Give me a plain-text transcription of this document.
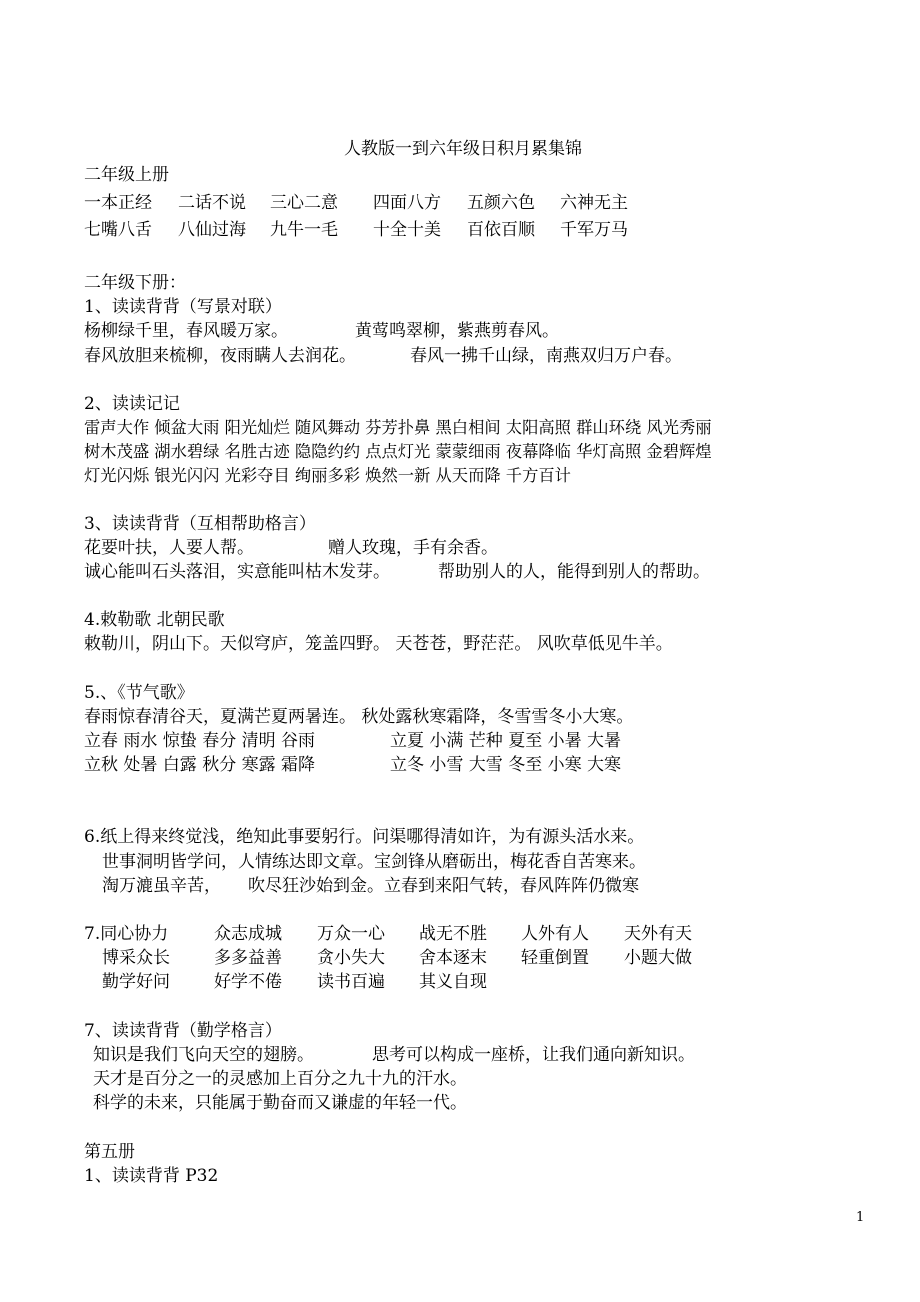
人教版一到六年级日积月累集锦
二年级上册
一本正经 二话不说 三心二意 四面八方 五颜六色 六神无主
七嘴八舌 八仙过海 九牛一毛 十全十美 百依百顺 千军万马
二年级下册：
1、读读背背（写景对联）
杨柳绿千里，春风暖万家。	黄莺鸣翠柳，紫燕剪春风。
春风放胆来梳柳，夜雨瞒人去润花。	春风一拂千山绿，南燕双归万户春。
2、读读记记
雷声大作 倾盆大雨 阳光灿烂 随风舞动 芬芳扑鼻 黑白相间 太阳高照 群山环绕 风光秀丽
树木茂盛 湖水碧绿 名胜古迹 隐隐约约 点点灯光 蒙蒙细雨 夜幕降临 华灯高照 金碧辉煌
灯光闪烁 银光闪闪 光彩夺目 绚丽多彩 焕然一新 从天而降 千方百计
3、读读背背（互相帮助格言）
花要叶扶，人要人帮。	赠人玫瑰，手有余香。
诚心能叫石头落泪，实意能叫枯木发芽。	帮助别人的人，能得到别人的帮助。
4.敕勒歌 北朝民歌
敕勒川，阴山下。天似穹庐，笼盖四野。 天苍苍，野茫茫。 风吹草低见牛羊。
5.、《节气歌》
春雨惊春清谷天，夏满芒夏两暑连。 秋处露秋寒霜降，冬雪雪冬小大寒。
立春 雨水 惊蛰 春分 清明 谷雨	立夏 小满 芒种 夏至 小暑 大暑
立秋 处暑 白露 秋分 寒露 霜降	立冬 小雪 大雪 冬至 小寒 大寒
6.纸上得来终觉浅，绝知此事要躬行。问渠哪得清如许，为有源头活水来。
世事洞明皆学问，人情练达即文章。宝剑锋从磨砺出，梅花香自苦寒来。
淘万漉虽辛苦， 吹尽狂沙始到金。立春到来阳气转，春风阵阵仍微寒
7.同心协力	众志成城 万众一心 战无不胜 人外有人 天外有天
博采众长	多多益善 贪小失大 舍本逐末 轻重倒置 小题大做
勤学好问	好学不倦 读书百遍 其义自现
7、读读背背（勤学格言）
知识是我们飞向天空的翅膀。	思考可以构成一座桥，让我们通向新知识。
天才是百分之一的灵感加上百分之九十九的汗水。
科学的未来，只能属于勤奋而又谦虚的年轻一代。
第五册
1、读读背背 P32
1
